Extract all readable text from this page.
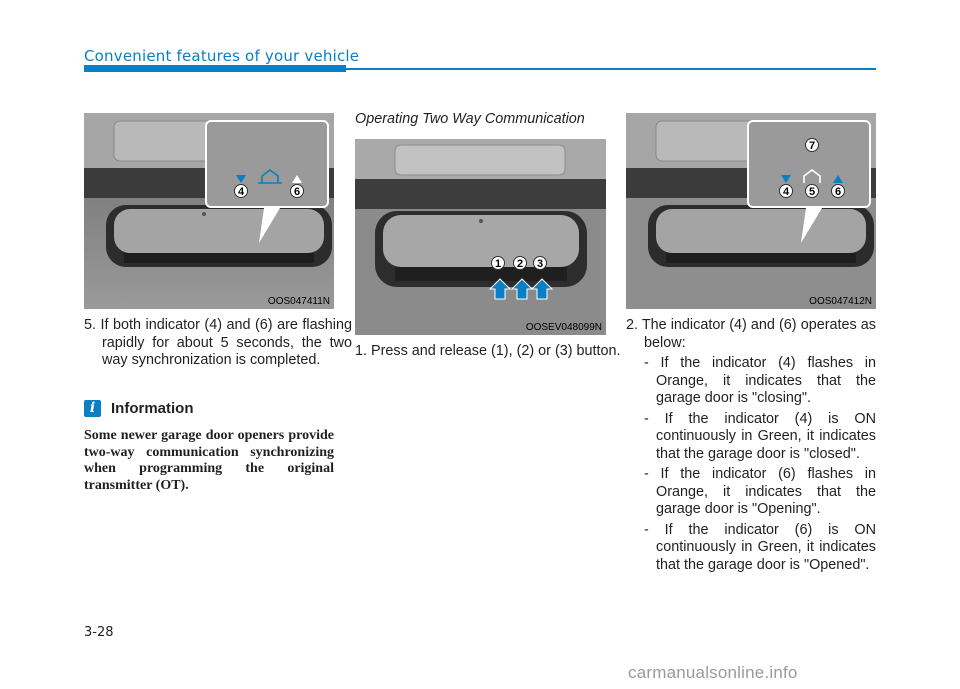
Convenient features of your vehicle
4	6
OOS047411N
Operating Two Way Communication
1 2 3
OOSEV048099N
7
4 5 6
OOS047412N
5. If both indicator (4) and (6) are flashing rapidly for about 5 seconds, the two way synchronization is completed.
i	Information
Some newer garage door openers provide two-way communication synchronizing when programming the original transmitter (OT).
1. Press and release (1), (2) or (3) button.
2. The indicator (4) and (6) operates as below:
- If the indicator (4) flashes in Orange, it indicates that the garage door is "closing".
- If the indicator (4) is ON continuously in Green, it indicates that the garage door is "closed".
- If the indicator (6) flashes in Orange, it indicates that the garage door is "Opening".
- If the indicator (6) is ON continuously in Green, it indicates that the garage door is "Opened".
3-28
carmanualsonline.info
